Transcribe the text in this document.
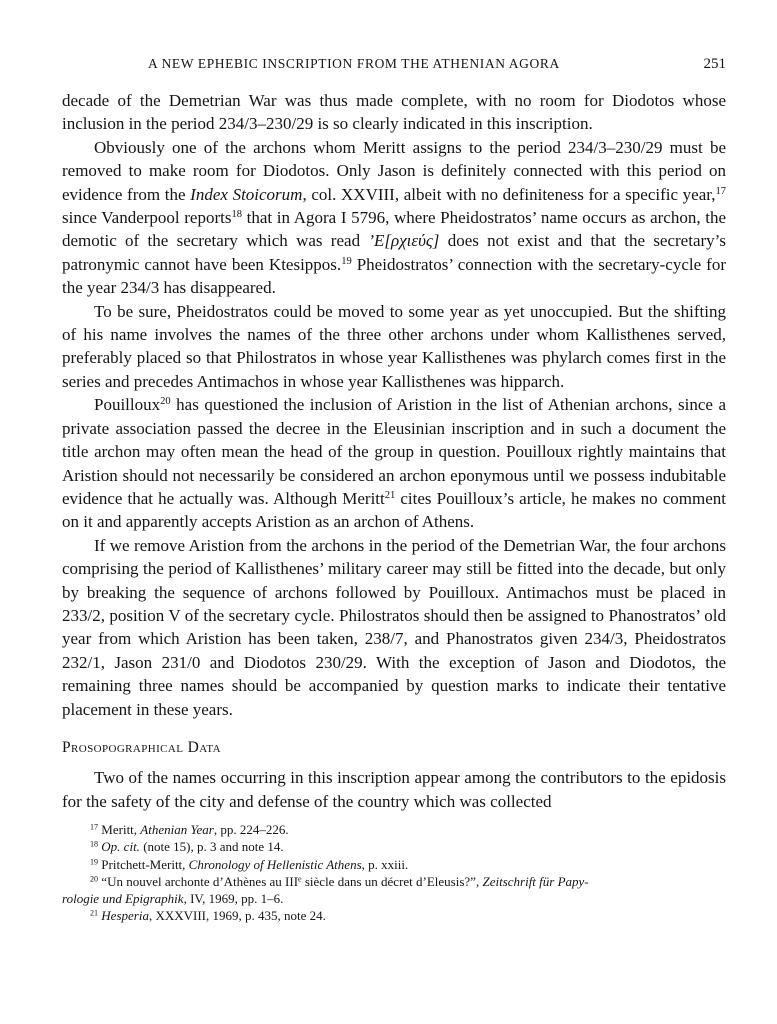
A NEW EPHEBIC INSCRIPTION FROM THE ATHENIAN AGORA	251

decade of the Demetrian War was thus made complete, with no room for Diodotos whose inclusion in the period 234/3–230/29 is so clearly indicated in this inscription.

Obviously one of the archons whom Meritt assigns to the period 234/3–230/29 must be removed to make room for Diodotos. Only Jason is definitely connected with this period on evidence from the Index Stoicorum, col. XXVIII, albeit with no definiteness for a specific year,$^{17}$ since Vanderpool reports$^{18}$ that in Agora I 5796, where Pheidostratos’ name occurs as archon, the demotic of the secretary which was read ’Ε[ρχιεύς] does not exist and that the secretary’s patronymic cannot have been Ktesippos.$^{19}$ Pheidostratos’ connection with the secretary-cycle for the year 234/3 has disappeared.

To be sure, Pheidostratos could be moved to some year as yet unoccupied. But the shifting of his name involves the names of the three other archons under whom Kallisthenes served, preferably placed so that Philostratos in whose year Kallisthenes was phylarch comes first in the series and precedes Antimachos in whose year Kallisthenes was hipparch.

Pouilloux$^{20}$ has questioned the inclusion of Aristion in the list of Athenian archons, since a private association passed the decree in the Eleusinian inscription and in such a document the title archon may often mean the head of the group in question. Pouilloux rightly maintains that Aristion should not necessarily be considered an archon eponymous until we possess indubitable evidence that he actually was. Although Meritt$^{21}$ cites Pouilloux’s article, he makes no comment on it and apparently accepts Aristion as an archon of Athens.

If we remove Aristion from the archons in the period of the Demetrian War, the four archons comprising the period of Kallisthenes’ military career may still be fitted into the decade, but only by breaking the sequence of archons followed by Pouilloux. Antimachos must be placed in 233/2, position V of the secretary cycle. Philostratos should then be assigned to Phanostratos’ old year from which Aristion has been taken, 238/7, and Phanostratos given 234/3, Pheidostratos 232/1, Jason 231/0 and Diodotos 230/29. With the exception of Jason and Diodotos, the remaining three names should be accompanied by question marks to indicate their tentative placement in these years.

Prosopographical Data

Two of the names occurring in this inscription appear among the contributors to the epidosis for the safety of the city and defense of the country which was collected

$^{17}$ Meritt, Athenian Year, pp. 224–226.

$^{18}$ Op. cit. (note 15), p. 3 and note 14.

$^{19}$ Pritchett-Meritt, Chronology of Hellenistic Athens, p. xxiii.

$^{20}$ “Un nouvel archonte d’Athènes au IIIe siècle dans un décret d’Eleusis?”, Zeitschrift für Papy-
rologie und Epigraphik, IV, 1969, pp. 1–6.

$^{21}$ Hesperia, XXXVIII, 1969, p. 435, note 24.
